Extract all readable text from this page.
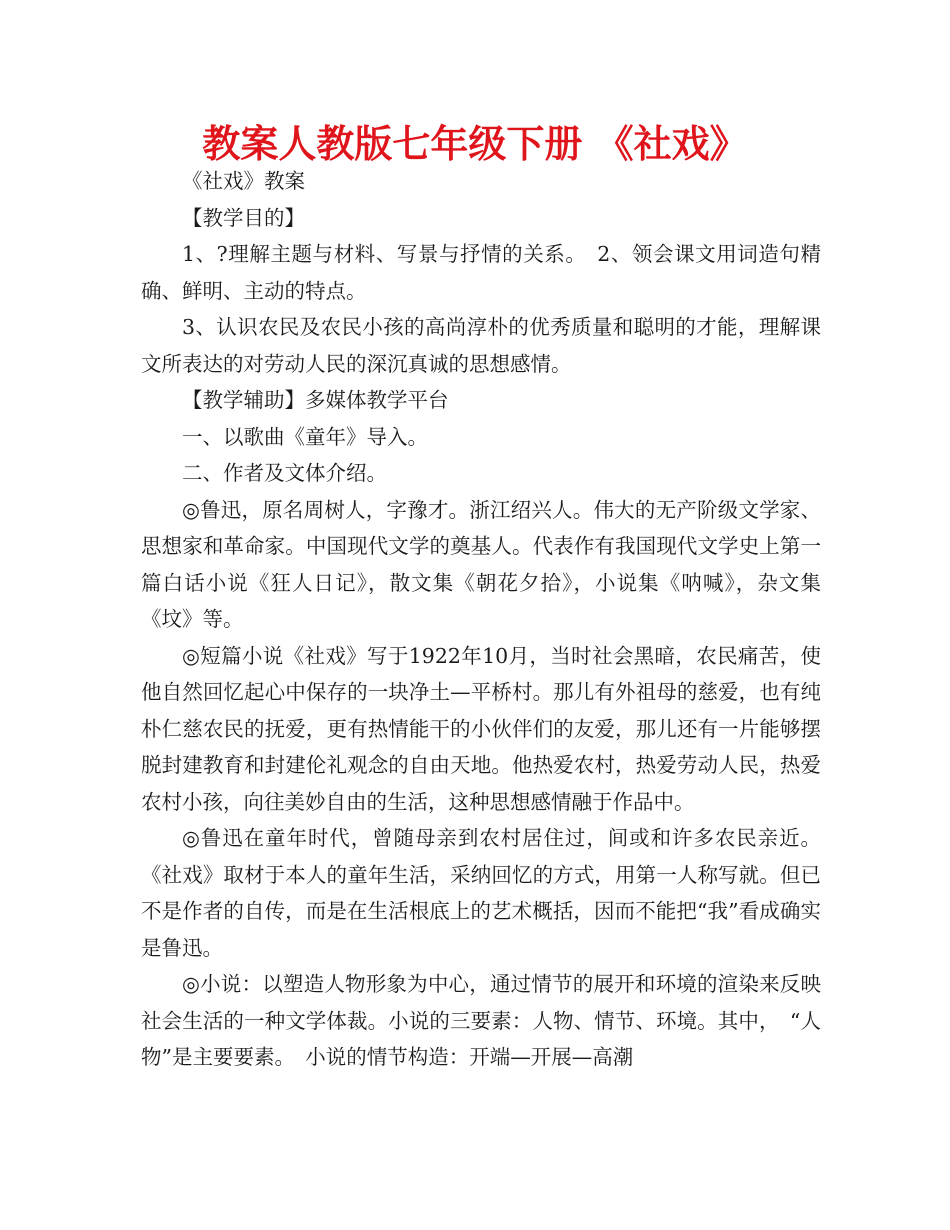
教案人教版七年级下册 《社戏》

《社戏》教案

【教学目的】

1、?理解主题与材料、写景与抒情的关系。　2、领会课文用词造句精确、鲜明、主动的特点。

3、认识农民及农民小孩的高尚淳朴的优秀质量和聪明的才能，理解课文所表达的对劳动人民的深沉真诚的思想感情。

【教学辅助】多媒体教学平台

一、以歌曲《童年》导入。

二、作者及文体介绍。

◎鲁迅，原名周树人，字豫才。浙江绍兴人。伟大的无产阶级文学家、思想家和革命家。中国现代文学的奠基人。代表作有我国现代文学史上第一篇白话小说《狂人日记》，散文集《朝花夕拾》，小说集《呐喊》，杂文集《坟》等。

◎短篇小说《社戏》写于1922年10月，当时社会黑暗，农民痛苦，使他自然回忆起心中保存的一块净土—平桥村。那儿有外祖母的慈爱，也有纯朴仁慈农民的抚爱，更有热情能干的小伙伴们的友爱，那儿还有一片能够摆脱封建教育和封建伦礼观念的自由天地。他热爱农村，热爱劳动人民，热爱农村小孩，向往美妙自由的生活，这种思想感情融于作品中。

◎鲁迅在童年时代，曾随母亲到农村居住过，间或和许多农民亲近。《社戏》取材于本人的童年生活，采纳回忆的方式，用第一人称写就。但已不是作者的自传，而是在生活根底上的艺术概括，因而不能把“我”看成确实是鲁迅。

◎小说：以塑造人物形象为中心，通过情节的展开和环境的渲染来反映社会生活的一种文学体裁。小说的三要素：人物、情节、环境。其中，　“人物”是主要要素。　小说的情节构造：开端—开展—高潮
